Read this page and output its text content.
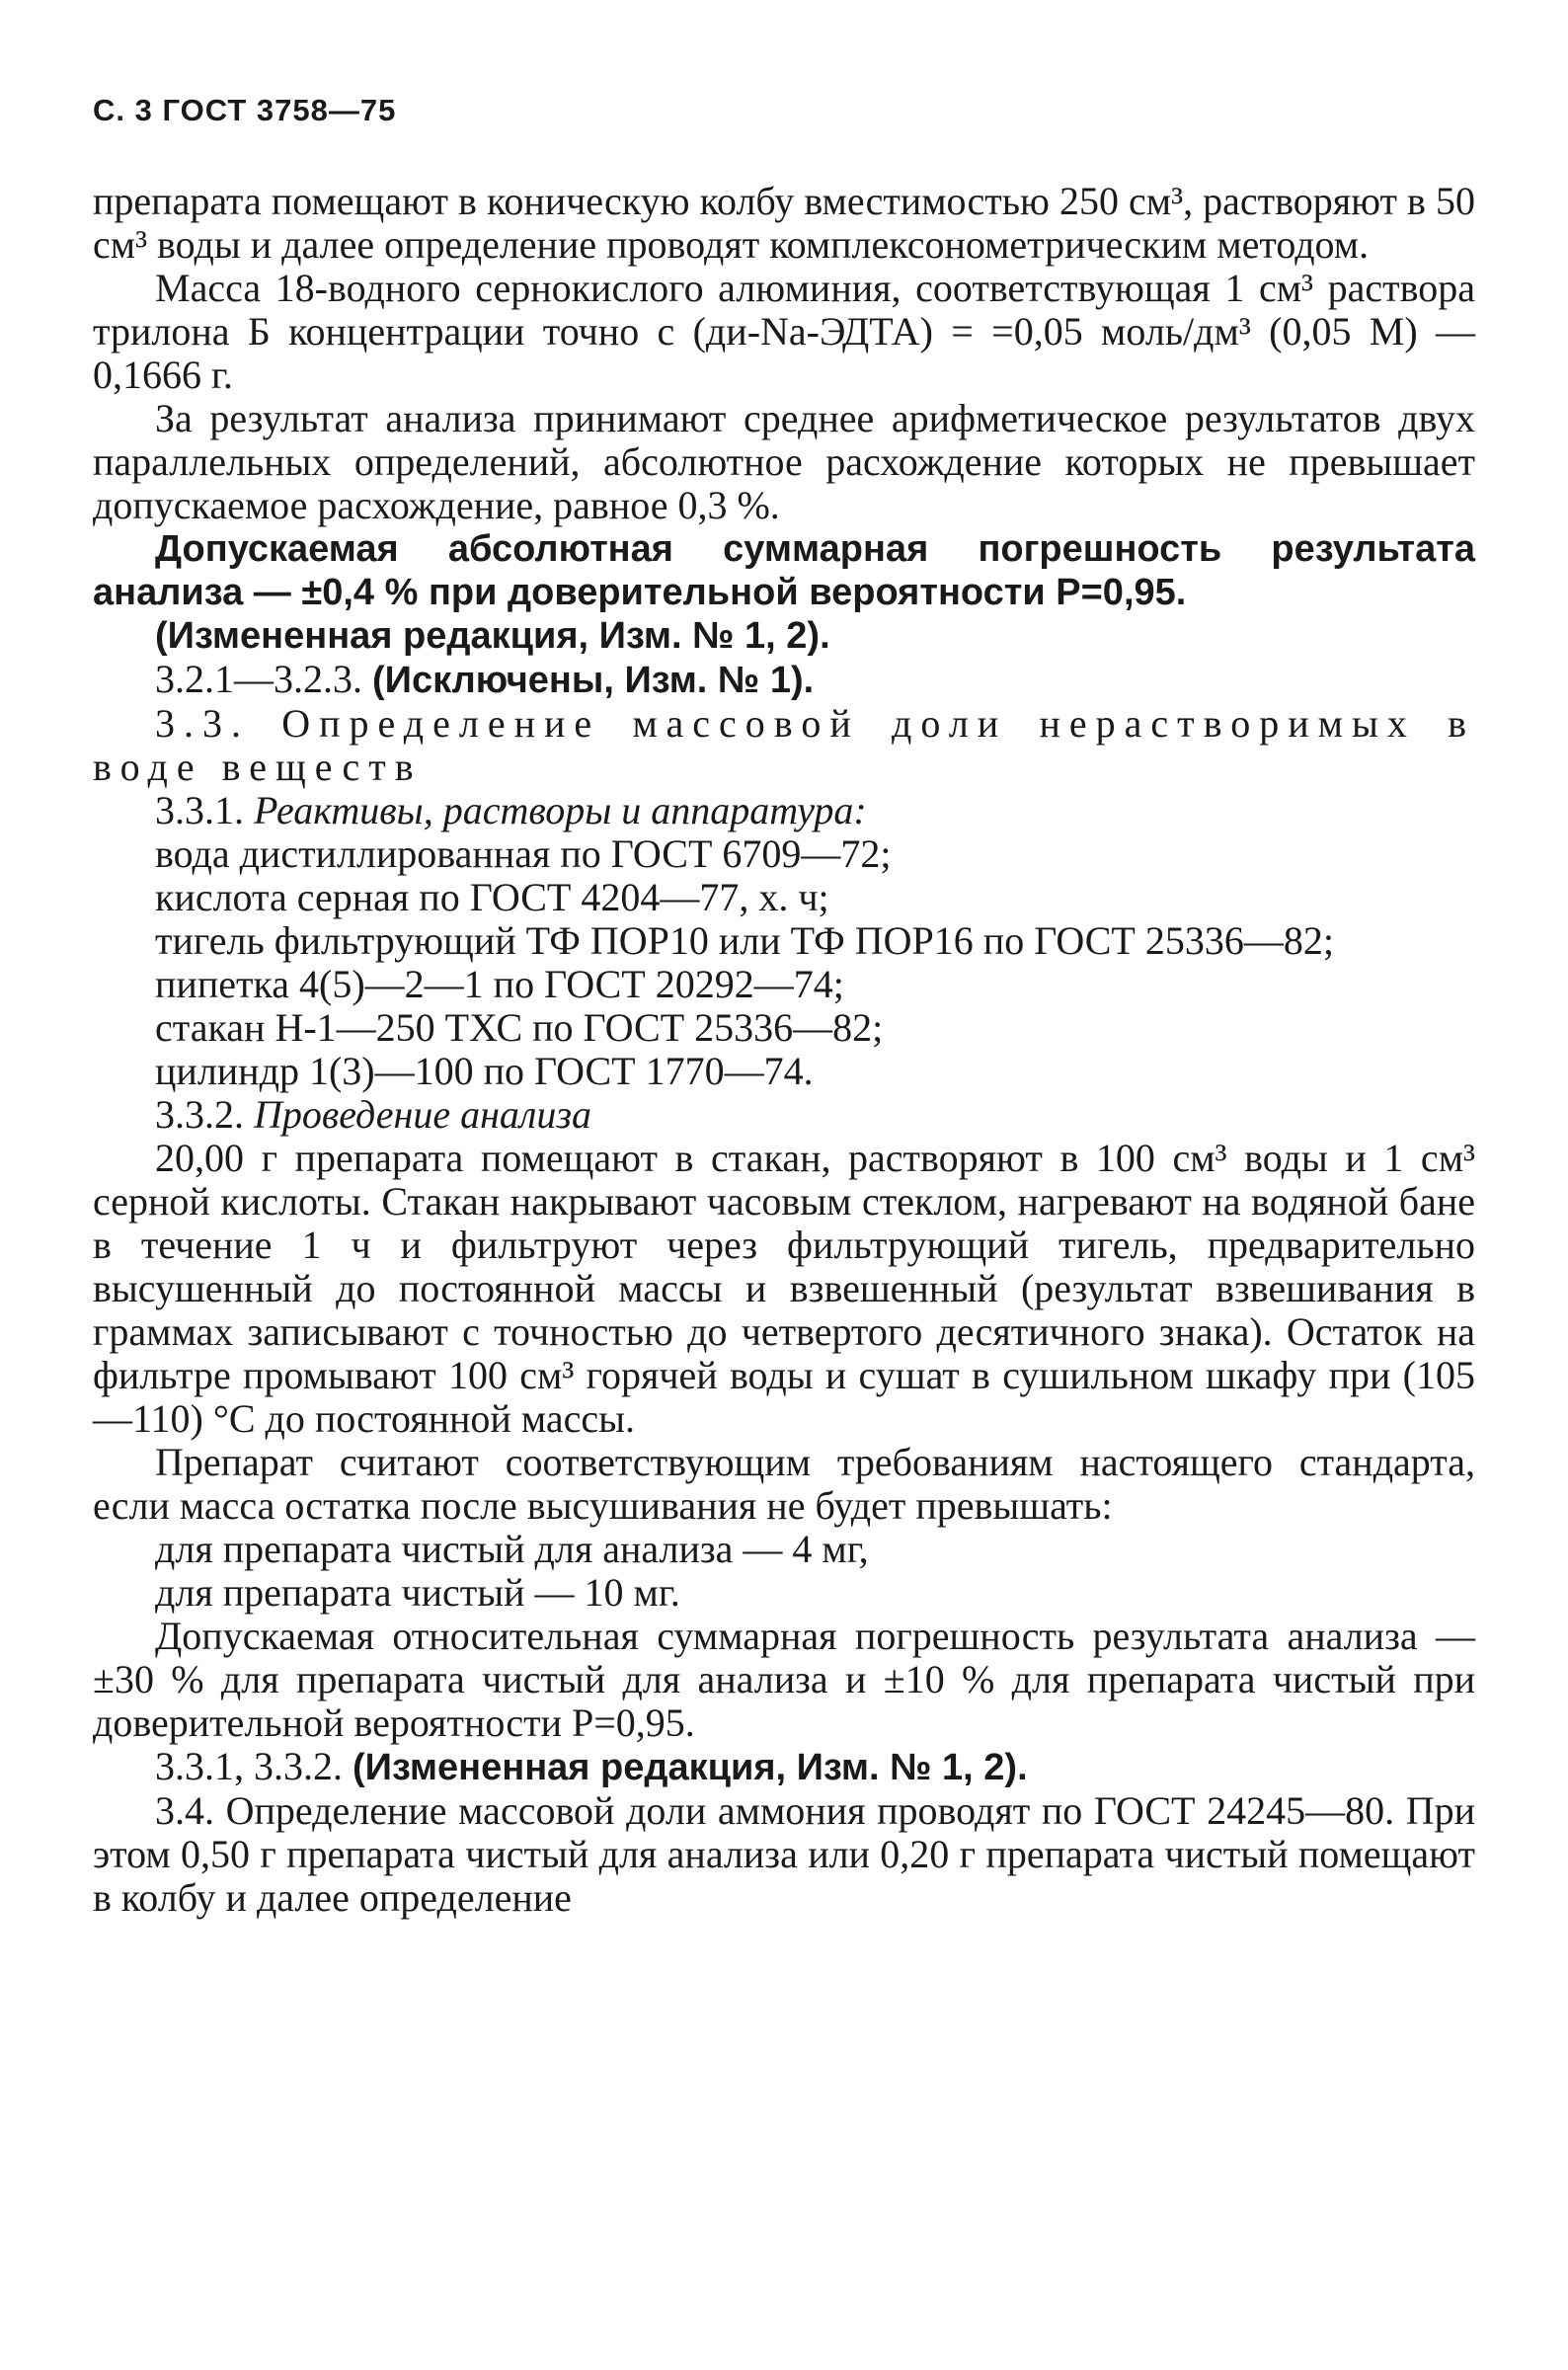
С. 3 ГОСТ 3758—75

препарата помещают в коническую колбу вместимостью 250 см³, растворяют в 50 см³ воды и далее определение проводят комплексонометрическим методом.

Масса 18-водного сернокислого алюминия, соответствующая 1 см³ раствора трилона Б концентрации точно c (ди-Na-ЭДТА) = =0,05 моль/дм³ (0,05 М) — 0,1666 г.

За результат анализа принимают среднее арифметическое результатов двух параллельных определений, абсолютное расхождение которых не превышает допускаемое расхождение, равное 0,3 %.

Допускаемая абсолютная суммарная погрешность результата анализа — ±0,4 % при доверительной вероятности P=0,95.

(Измененная редакция, Изм. № 1, 2).

3.2.1—3.2.3. (Исключены, Изм. № 1).

3.3. Определение массовой доли нерастворимых в воде веществ

3.3.1. Реактивы, растворы и аппаратура:

вода дистиллированная по ГОСТ 6709—72;

кислота серная по ГОСТ 4204—77, х. ч;

тигель фильтрующий ТФ ПОР10 или ТФ ПОР16 по ГОСТ 25336—82;

пипетка 4(5)—2—1 по ГОСТ 20292—74;

стакан Н-1—250 ТХС по ГОСТ 25336—82;

цилиндр 1(3)—100 по ГОСТ 1770—74.

3.3.2. Проведение анализа

20,00 г препарата помещают в стакан, растворяют в 100 см³ воды и 1 см³ серной кислоты. Стакан накрывают часовым стеклом, нагревают на водяной бане в течение 1 ч и фильтруют через фильтрующий тигель, предварительно высушенный до постоянной массы и взвешенный (результат взвешивания в граммах записывают с точностью до четвертого десятичного знака). Остаток на фильтре промывают 100 см³ горячей воды и сушат в сушильном шкафу при (105—110) °С до постоянной массы.

Препарат считают соответствующим требованиям настоящего стандарта, если масса остатка после высушивания не будет превышать:

для препарата чистый для анализа — 4 мг,

для препарата чистый — 10 мг.

Допускаемая относительная суммарная погрешность результата анализа — ±30 % для препарата чистый для анализа и ±10 % для препарата чистый при доверительной вероятности P=0,95.

3.3.1, 3.3.2. (Измененная редакция, Изм. № 1, 2).

3.4. Определение массовой доли аммония проводят по ГОСТ 24245—80. При этом 0,50 г препарата чистый для анализа или 0,20 г препарата чистый помещают в колбу и далее определение
